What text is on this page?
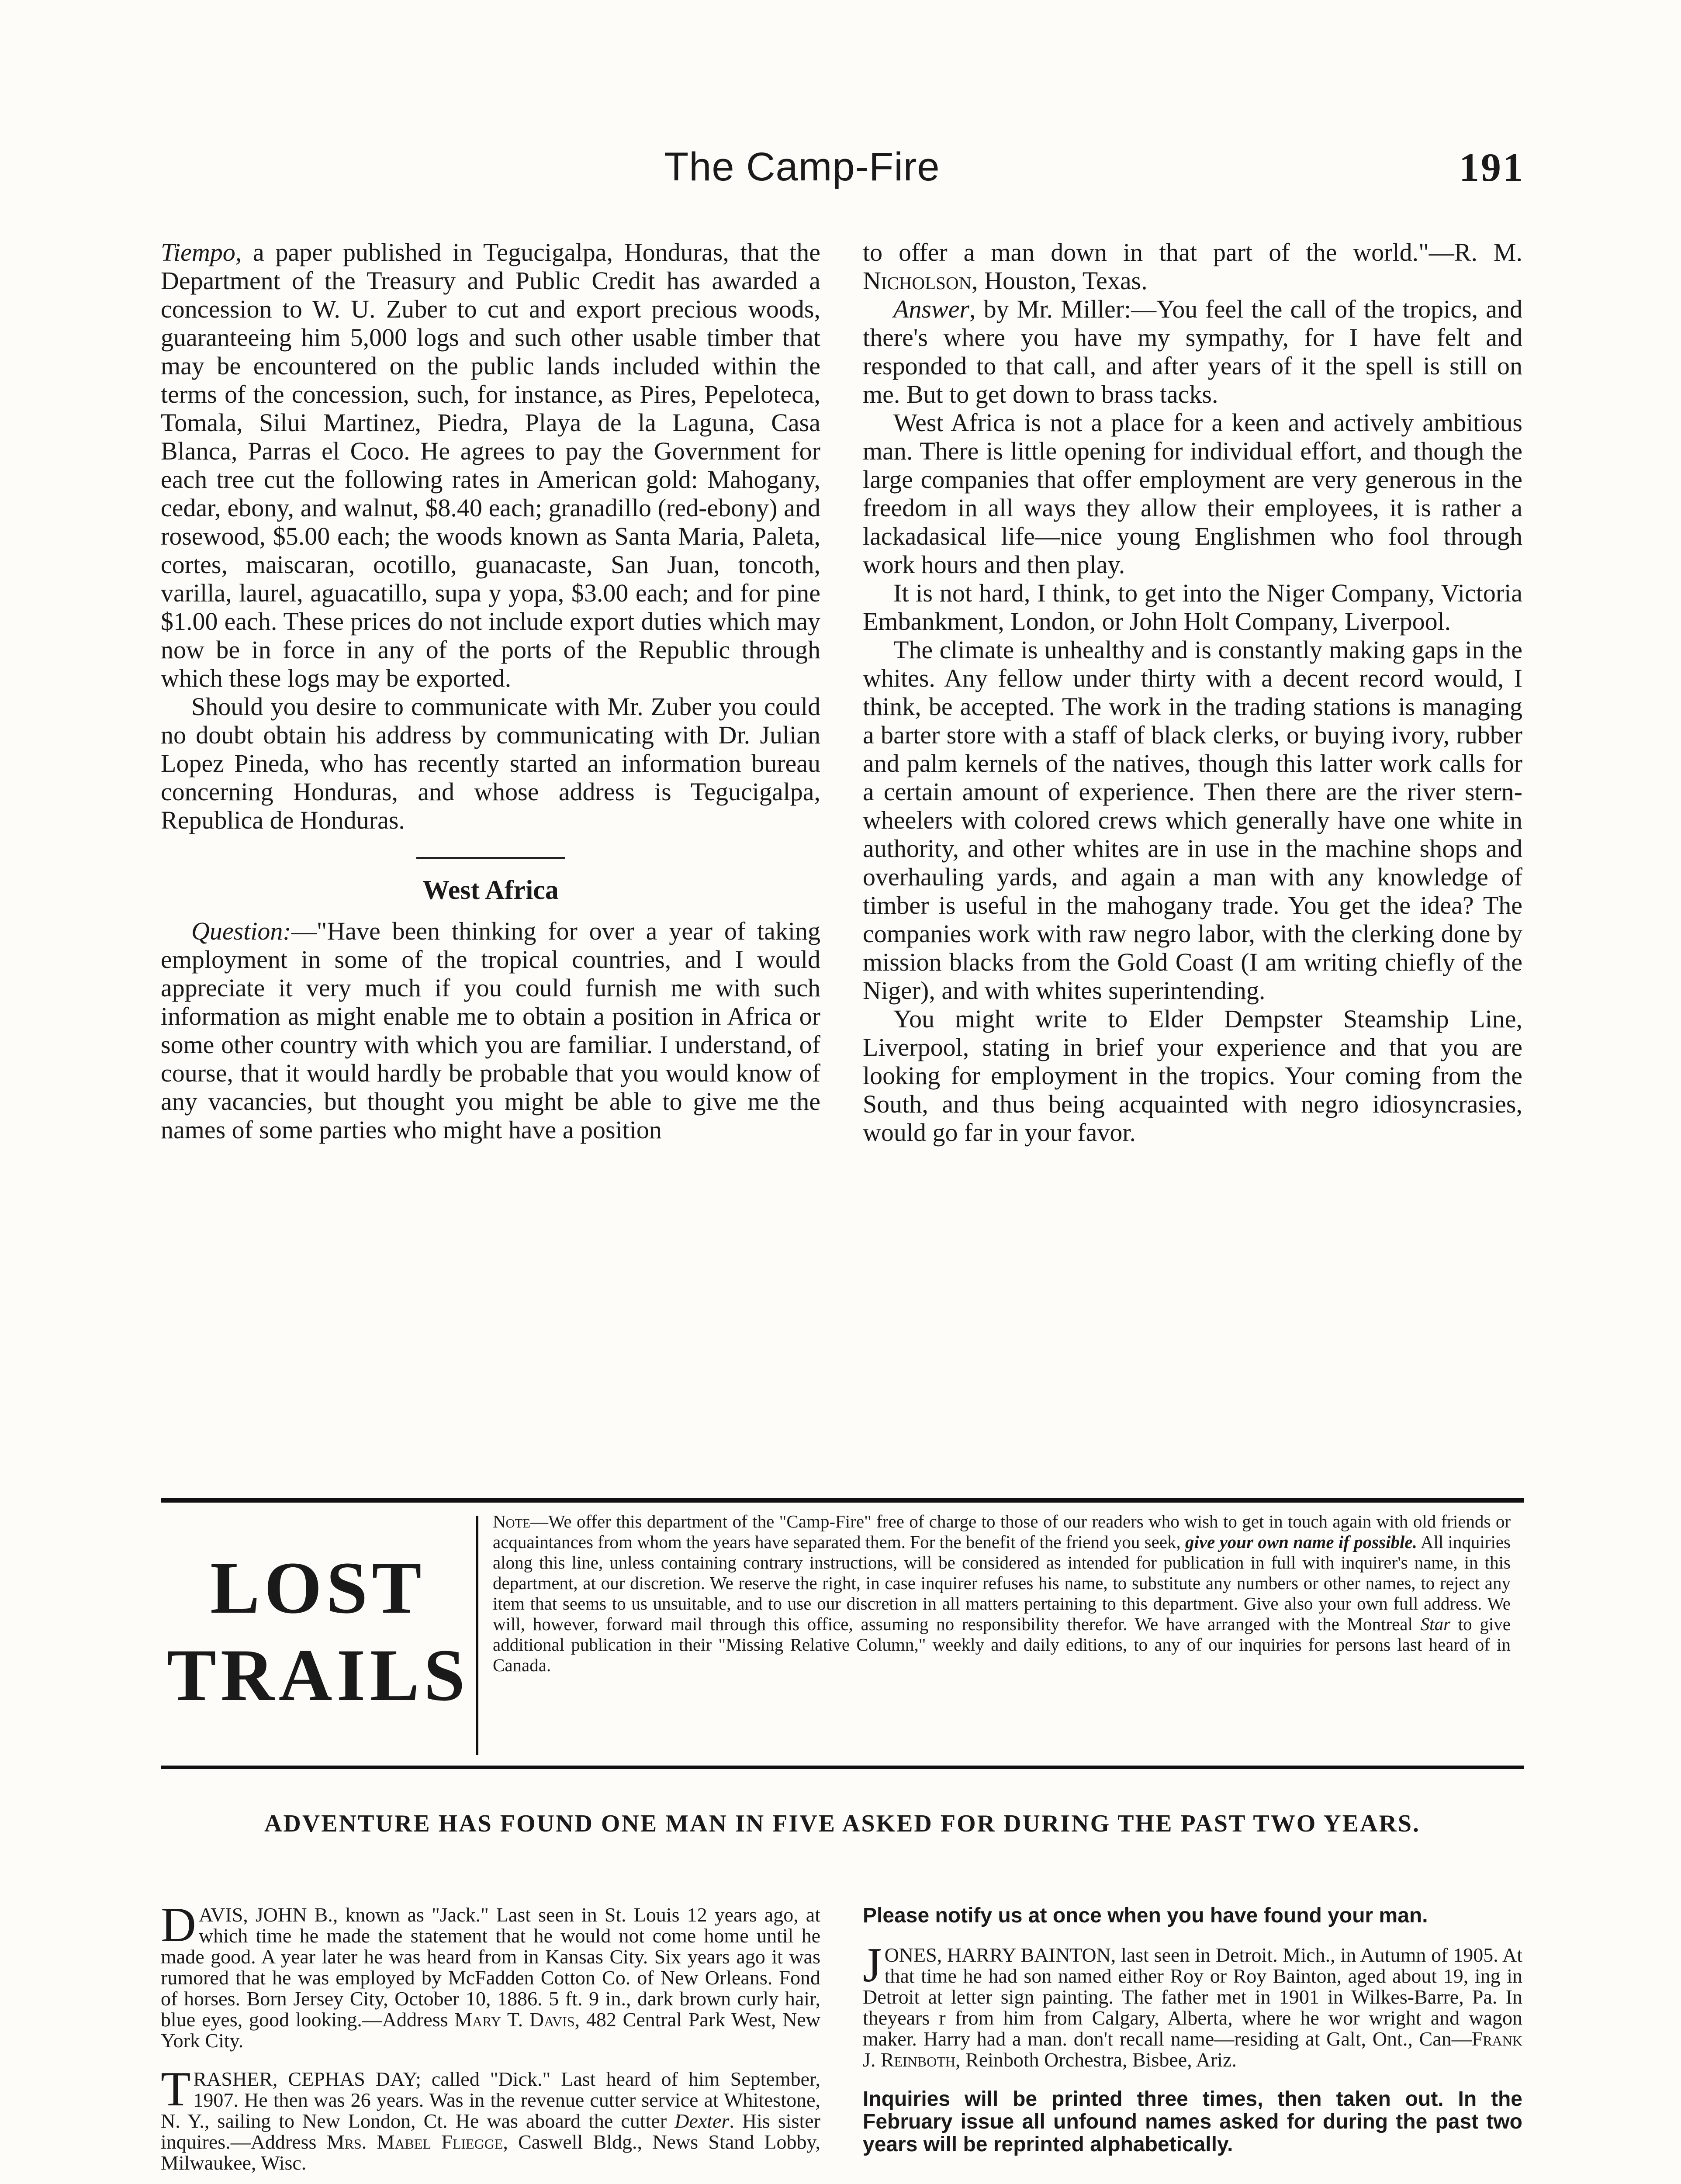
The Camp-Fire	191

Tiempo, a paper published in Tegucigalpa, Honduras, that the Department of the Treasury and Public Credit has awarded a concession to W. U. Zuber to cut and export precious woods, guaranteeing him 5,000 logs and such other usable timber that may be encountered on the public lands included within the terms of the concession, such, for instance, as Pires, Pepeloteca, Tomala, Silui Martinez, Piedra, Playa de la Laguna, Casa Blanca, Parras el Coco. He agrees to pay the Government for each tree cut the following rates in American gold: Mahogany, cedar, ebony, and walnut, $8.40 each; granadillo (red-ebony) and rosewood, $5.00 each; the woods known as Santa Maria, Paleta, cortes, maiscaran, ocotillo, guanacaste, San Juan, toncoth, varilla, laurel, aguacatillo, supa y yopa, $3.00 each; and for pine $1.00 each. These prices do not include export duties which may now be in force in any of the ports of the Republic through which these logs may be exported.

Should you desire to communicate with Mr. Zuber you could no doubt obtain his address by communicating with Dr. Julian Lopez Pineda, who has recently started an information bureau concerning Honduras, and whose address is Tegucigalpa, Republica de Honduras.

West Africa

Question:—"Have been thinking for over a year of taking employment in some of the tropical countries, and I would appreciate it very much if you could furnish me with such information as might enable me to obtain a position in Africa or some other country with which you are familiar. I understand, of course, that it would hardly be probable that you would know of any vacancies, but thought you might be able to give me the names of some parties who might have a position

to offer a man down in that part of the world."—R. M. Nicholson, Houston, Texas.

Answer, by Mr. Miller:—You feel the call of the tropics, and there's where you have my sympathy, for I have felt and responded to that call, and after years of it the spell is still on me. But to get down to brass tacks.

West Africa is not a place for a keen and actively ambitious man. There is little opening for individual effort, and though the large companies that offer employment are very generous in the freedom in all ways they allow their employees, it is rather a lackadasical life—nice young Englishmen who fool through work hours and then play.

It is not hard, I think, to get into the Niger Company, Victoria Embankment, London, or John Holt Company, Liverpool.

The climate is unhealthy and is constantly making gaps in the whites. Any fellow under thirty with a decent record would, I think, be accepted. The work in the trading stations is managing a barter store with a staff of black clerks, or buying ivory, rubber and palm kernels of the natives, though this latter work calls for a certain amount of experience. Then there are the river stern-wheelers with colored crews which generally have one white in authority, and other whites are in use in the machine shops and overhauling yards, and again a man with any knowledge of timber is useful in the mahogany trade. You get the idea? The companies work with raw negro labor, with the clerking done by mission blacks from the Gold Coast (I am writing chiefly of the Niger), and with whites superintending.

You might write to Elder Dempster Steamship Line, Liverpool, stating in brief your experience and that you are looking for employment in the tropics. Your coming from the South, and thus being acquainted with negro idiosyncrasies, would go far in your favor.

LOST
TRAILS
Note—We offer this department of the "Camp-Fire" free of charge to those of our readers who wish to get in touch again with old friends or acquaintances from whom the years have separated them. For the benefit of the friend you seek, give your own name if possible. All inquiries along this line, unless containing contrary instructions, will be considered as intended for publication in full with inquirer's name, in this department, at our discretion. We reserve the right, in case inquirer refuses his name, to substitute any numbers or other names, to reject any item that seems to us unsuitable, and to use our discretion in all matters pertaining to this department. Give also your own full address. We will, however, forward mail through this office, assuming no responsibility therefor. We have arranged with the Montreal Star to give additional publication in their "Missing Relative Column," weekly and daily editions, to any of our inquiries for persons last heard of in Canada.
ADVENTURE HAS FOUND ONE MAN IN FIVE ASKED FOR DURING THE PAST TWO YEARS.
DAVIS, JOHN B., known as "Jack." Last seen in St. Louis 12 years ago, at which time he made the statement that he would not come home until he made good. A year later he was heard from in Kansas City. Six years ago it was rumored that he was employed by McFadden Cotton Co. of New Orleans. Fond of horses. Born Jersey City, October 10, 1886. 5 ft. 9 in., dark brown curly hair, blue eyes, good looking.—Address Mary T. Davis, 482 Central Park West, New York City.
TRASHER, CEPHAS DAY; called "Dick." Last heard of him September, 1907. He then was 26 years. Was in the revenue cutter service at Whitestone, N. Y., sailing to New London, Ct. He was aboard the cutter Dexter. His sister inquires.—Address Mrs. Mabel Fliegge, Caswell Bldg., News Stand Lobby, Milwaukee, Wisc.
Please notify us at once when you have found your man.
JONES, HARRY BAINTON, last seen in Detroit. Mich., in Autumn of 1905. At that time he had son named either Roy or Roy Bainton, aged about 19, ing in Detroit at letter sign painting. The father met in 1901 in Wilkes-Barre, Pa. In theyears r from him from Calgary, Alberta, where he wor wright and wagon maker. Harry had a man. don't recall name—residing at Galt, Ont., Can—Frank J. Reinboth, Reinboth Orchestra, Bisbee, Ariz.
Inquiries will be printed three times, then taken out. In the February issue all unfound names asked for during the past two years will be reprinted alphabetically.
